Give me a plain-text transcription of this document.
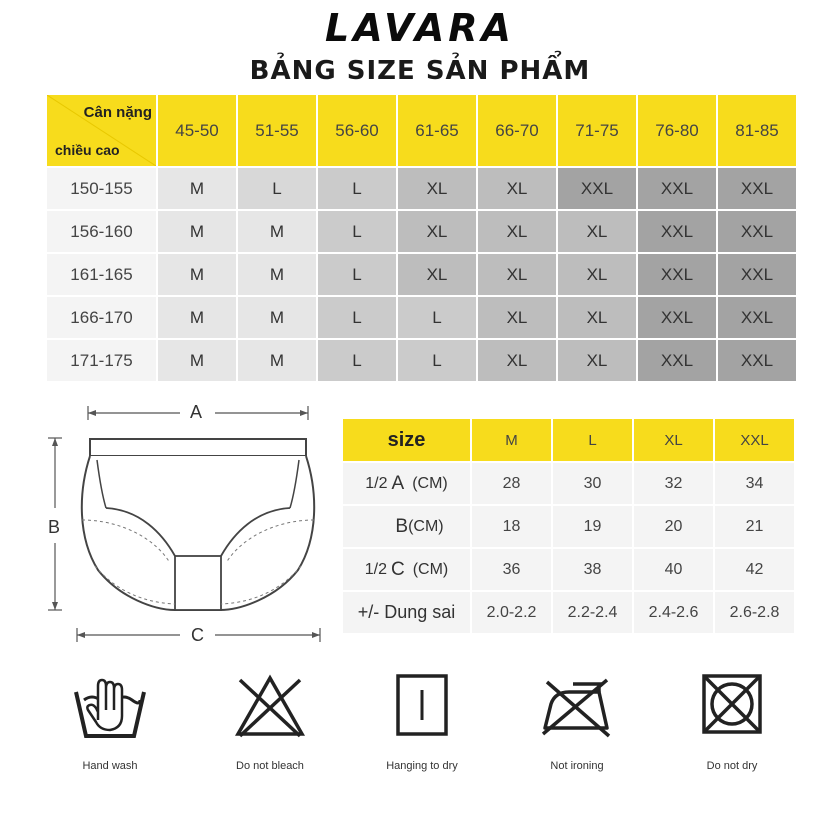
LAVARA
BẢNG SIZE SẢN PHẨM
Cân nặng
chiều cao
45-50	51-55	56-60	61-65	66-70	71-75	76-80	81-85
150-155	M	L	L	XL	XL	XXL	XXL	XXL
156-160	M	M	L	XL	XL	XL	XXL	XXL
161-165	M	M	L	XL	XL	XL	XXL	XXL
166-170	M	M	L	L	XL	XL	XXL	XXL
171-175	M	M	L	L	XL	XL	XXL	XXL
A
B
C
size	M	L	XL	XXL
1/2 A (CM)	28	30	32	34
B (CM)	18	19	20	21
1/2 C (CM)	36	38	40	42
+/- Dung sai	2.0-2.2	2.2-2.4	2.4-2.6	2.6-2.8
Hand wash	Do not bleach	Hanging to dry	Not ironing	Do not dry
